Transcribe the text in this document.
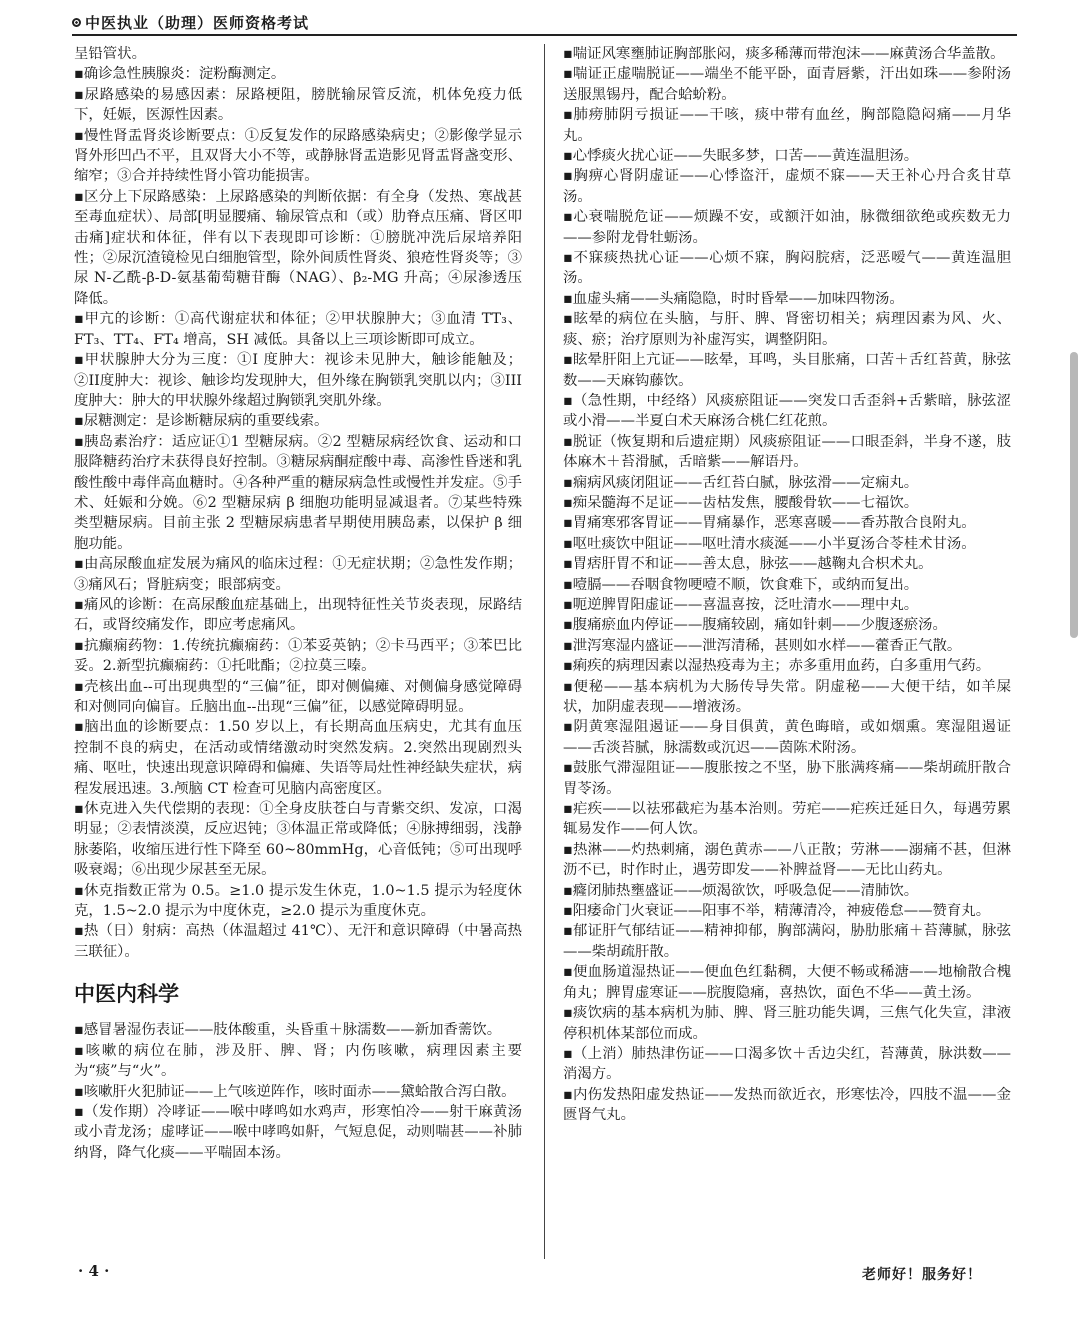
中医执业（助理）医师资格考试

呈铅管状。

▪确诊急性胰腺炎：淀粉酶测定。

▪尿路感染的易感因素：尿路梗阻，膀胱输尿管反流，机体免疫力低下，妊娠，医源性因素。

▪慢性肾盂肾炎诊断要点：①反复发作的尿路感染病史；②影像学显示肾外形凹凸不平，且双肾大小不等，或静脉肾盂造影见肾盂肾盏变形、缩窄；③合并持续性肾小管功能损害。

▪区分上下尿路感染：上尿路感染的判断依据：有全身（发热、寒战甚至毒血症状）、局部[明显腰痛、输尿管点和（或）肋脊点压痛、肾区叩击痛]症状和体征，伴有以下表现即可诊断：①膀胱冲洗后尿培养阳性；②尿沉渣镜检见白细胞管型，除外间质性肾炎、狼疮性肾炎等；③尿 N-乙酰-β-D-氨基葡萄糖苷酶（NAG）、β₂-MG 升高；④尿渗透压降低。

▪甲亢的诊断：①高代谢症状和体征；②甲状腺肿大；③血清 TT₃、FT₃、TT₄、FT₄ 增高，SH 减低。具备以上三项诊断即可成立。

▪甲状腺肿大分为三度：①I 度肿大：视诊未见肿大，触诊能触及；②II度肿大：视诊、触诊均发现肿大，但外缘在胸锁乳突肌以内；③III度肿大：肿大的甲状腺外缘超过胸锁乳突肌外缘。

▪尿糖测定：是诊断糖尿病的重要线索。

▪胰岛素治疗：适应证①1 型糖尿病。②2 型糖尿病经饮食、运动和口服降糖药治疗未获得良好控制。③糖尿病酮症酸中毒、高渗性昏迷和乳酸性酸中毒伴高血糖时。④各种严重的糖尿病急性或慢性并发症。⑤手术、妊娠和分娩。⑥2 型糖尿病 β 细胞功能明显减退者。⑦某些特殊类型糖尿病。目前主张 2 型糖尿病患者早期使用胰岛素，以保护 β 细胞功能。

▪由高尿酸血症发展为痛风的临床过程：①无症状期；②急性发作期；③痛风石；肾脏病变；眼部病变。

▪痛风的诊断：在高尿酸血症基础上，出现特征性关节炎表现，尿路结石，或肾绞痛发作，即应考虑痛风。

▪抗癫痫药物：1.传统抗癫痫药：①苯妥英钠；②卡马西平；③苯巴比妥。2.新型抗癫痫药：①托吡酯；②拉莫三嗪。

▪壳核出血--可出现典型的“三偏”征，即对侧偏瘫、对侧偏身感觉障碍和对侧同向偏盲。丘脑出血--出现“三偏”征，以感觉障碍明显。

▪脑出血的诊断要点：1.50 岁以上，有长期高血压病史，尤其有血压控制不良的病史，在活动或情绪激动时突然发病。2.突然出现剧烈头痛、呕吐，快速出现意识障碍和偏瘫、失语等局灶性神经缺失症状，病程发展迅速。3.颅脑 CT 检查可见脑内高密度区。

▪休克进入失代偿期的表现：①全身皮肤苍白与青紫交织、发凉，口渴明显；②表情淡漠，反应迟钝；③体温正常或降低；④脉搏细弱，浅静脉萎陷，收缩压进行性下降至 60~80mmHg，心音低钝；⑤可出现呼吸衰竭；⑥出现少尿甚至无尿。

▪休克指数正常为 0.5。≥1.0 提示发生休克，1.0~1.5 提示为轻度休克，1.5~2.0 提示为中度休克，≥2.0 提示为重度休克。

▪热（日）射病：高热（体温超过 41℃）、无汗和意识障碍（中暑高热三联征）。

中医内科学

▪感冒暑湿伤表证——肢体酸重，头昏重＋脉濡数——新加香薷饮。

▪咳嗽的病位在肺，涉及肝、脾、肾；内伤咳嗽，病理因素主要为“痰”与“火”。

▪咳嗽肝火犯肺证——上气咳逆阵作，咳时面赤——黛蛤散合泻白散。

▪（发作期）冷哮证——喉中哮鸣如水鸡声，形寒怕冷——射干麻黄汤或小青龙汤；虚哮证——喉中哮鸣如鼾，气短息促，动则喘甚——补肺纳肾，降气化痰——平喘固本汤。

▪喘证风寒壅肺证胸部胀闷，痰多稀薄而带泡沫——麻黄汤合华盖散。

▪喘证正虚喘脱证——端坐不能平卧，面青唇紫，汗出如珠——参附汤送服黑锡丹，配合蛤蚧粉。

▪肺痨肺阴亏损证——干咳，痰中带有血丝，胸部隐隐闷痛——月华丸。

▪心悸痰火扰心证——失眠多梦，口苦——黄连温胆汤。

▪胸痹心肾阴虚证——心悸盗汗，虚烦不寐——天王补心丹合炙甘草汤。

▪心衰喘脱危证——烦躁不安，或额汗如油，脉微细欲绝或疾数无力——参附龙骨牡蛎汤。

▪不寐痰热扰心证——心烦不寐，胸闷脘痞，泛恶嗳气——黄连温胆汤。

▪血虚头痛——头痛隐隐，时时昏晕——加味四物汤。

▪眩晕的病位在头脑，与肝、脾、肾密切相关；病理因素为风、火、痰、瘀；治疗原则为补虚泻实，调整阴阳。

▪眩晕肝阳上亢证——眩晕，耳鸣，头目胀痛，口苦＋舌红苔黄，脉弦数——天麻钩藤饮。

▪（急性期，中经络）风痰瘀阻证——突发口舌歪斜+舌紫暗，脉弦涩或小滑——半夏白术天麻汤合桃仁红花煎。

▪脱证（恢复期和后遗症期）风痰瘀阻证——口眼歪斜，半身不遂，肢体麻木＋苔滑腻，舌暗紫——解语丹。

▪痫病风痰闭阻证——舌红苔白腻，脉弦滑——定痫丸。

▪痴呆髓海不足证——齿枯发焦，腰酸骨软——七福饮。

▪胃痛寒邪客胃证——胃痛暴作，恶寒喜暖——香苏散合良附丸。

▪呕吐痰饮中阻证——呕吐清水痰涎——小半夏汤合苓桂术甘汤。

▪胃痞肝胃不和证——善太息，脉弦——越鞠丸合枳术丸。

▪噎膈——吞咽食物哽噎不顺，饮食难下，或纳而复出。

▪呃逆脾胃阳虚证——喜温喜按，泛吐清水——理中丸。

▪腹痛瘀血内停证——腹痛较剧，痛如针刺——少腹逐瘀汤。

▪泄泻寒湿内盛证——泄泻清稀，甚则如水样——藿香正气散。

▪痢疾的病理因素以湿热疫毒为主；赤多重用血药，白多重用气药。

▪便秘——基本病机为大肠传导失常。阴虚秘——大便干结，如羊屎状，加阴虚表现——增液汤。

▪阴黄寒湿阻遏证——身目俱黄，黄色晦暗，或如烟熏。寒湿阻遏证——舌淡苔腻，脉濡数或沉迟——茵陈术附汤。

▪鼓胀气滞湿阻证——腹胀按之不坚，胁下胀满疼痛——柴胡疏肝散合胃苓汤。

▪疟疾——以祛邪截疟为基本治则。劳疟——疟疾迁延日久，每遇劳累辄易发作——何人饮。

▪热淋——灼热刺痛，溺色黄赤——八正散；劳淋——溺痛不甚，但淋沥不已，时作时止，遇劳即发——补脾益肾——无比山药丸。

▪癃闭肺热壅盛证——烦渴欲饮，呼吸急促——清肺饮。

▪阳痿命门火衰证——阳事不举，精薄清冷，神疲倦怠——赞育丸。

▪郁证肝气郁结证——精神抑郁，胸部满闷，胁肋胀痛＋苔薄腻，脉弦——柴胡疏肝散。

▪便血肠道湿热证——便血色红黏稠，大便不畅或稀溏——地榆散合槐角丸；脾胃虚寒证——脘腹隐痛，喜热饮，面色不华——黄土汤。

▪痰饮病的基本病机为肺、脾、肾三脏功能失调，三焦气化失宣，津液停积机体某部位而成。

▪（上消）肺热津伤证——口渴多饮＋舌边尖红，苔薄黄，脉洪数——消渴方。

▪内伤发热阳虚发热证——发热而欲近衣，形寒怯冷，四肢不温——金匮肾气丸。

· 4 ·	老师好！服务好！
